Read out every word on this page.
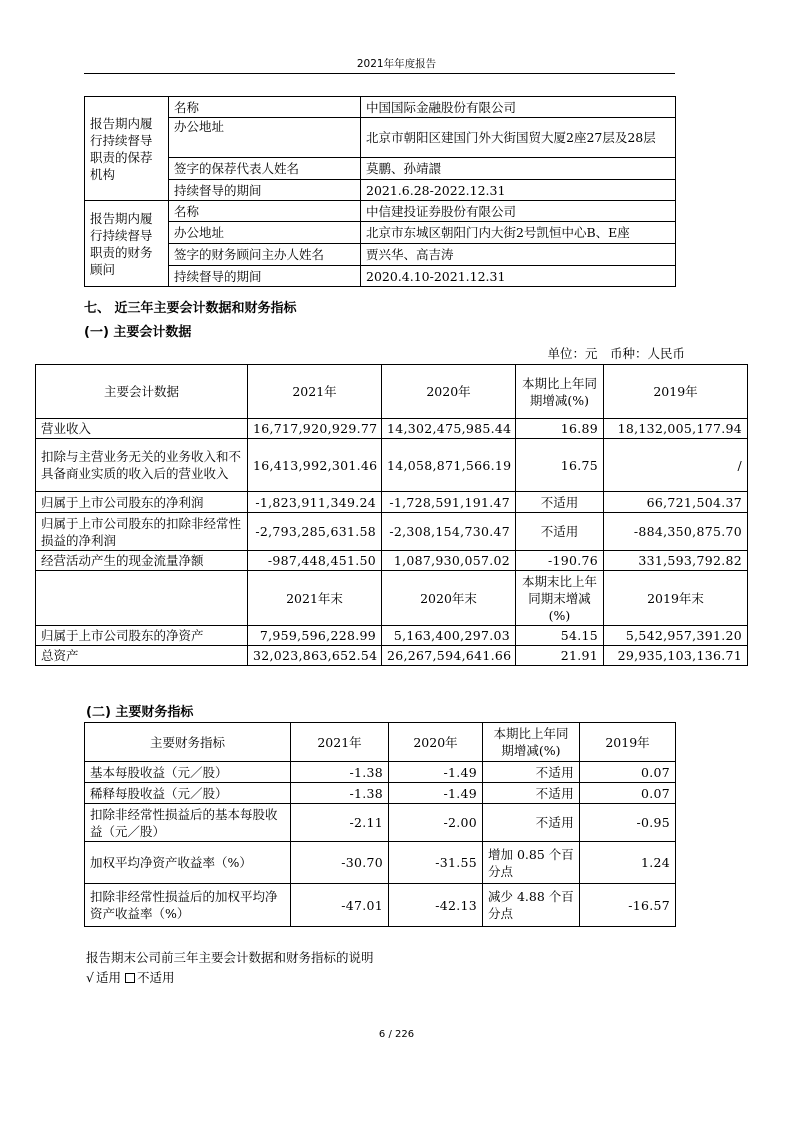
2021年年度报告
报告期内履行持续督导职责的保荐机构	名称	中国国际金融股份有限公司
	办公地址	北京市朝阳区建国门外大街国贸大厦2座27层及28层

	签字的保荐代表人姓名	莫鹏、孙靖譞
	持续督导的期间	2021.6.28-2022.12.31
报告期内履行持续督导职责的财务顾问	名称	中信建投证券股份有限公司
	办公地址	北京市东城区朝阳门内大街2号凯恒中心B、E座
	签字的财务顾问主办人姓名	贾兴华、高吉涛
	持续督导的期间	2020.4.10-2021.12.31
七、 近三年主要会计数据和财务指标
(一) 主要会计数据
单位：元　币种：人民币
主要会计数据	2021年	2020年	本期比上年同期增减(%)	2019年
营业收入	16,717,920,929.77	14,302,475,985.44	16.89	18,132,005,177.94
扣除与主营业务无关的业务收入和不具备商业实质的收入后的营业收入	16,413,992,301.46	14,058,871,566.19	16.75	/
归属于上市公司股东的净利润	-1,823,911,349.24	-1,728,591,191.47	不适用	66,721,504.37
归属于上市公司股东的扣除非经常性损益的净利润	-2,793,285,631.58	-2,308,154,730.47	不适用	-884,350,875.70
经营活动产生的现金流量净额	-987,448,451.50	1,087,930,057.02	-190.76	331,593,792.82
	2021年末	2020年末	本期末比上年同期末增减(%)	2019年末
归属于上市公司股东的净资产	7,959,596,228.99	5,163,400,297.03	54.15	5,542,957,391.20
总资产	32,023,863,652.54	26,267,594,641.66	21.91	29,935,103,136.71
(二) 主要财务指标
主要财务指标	2021年	2020年	本期比上年同期增减(%)	2019年
基本每股收益（元／股）	-1.38	-1.49	不适用	0.07
稀释每股收益（元／股）	-1.38	-1.49	不适用	0.07
扣除非经常性损益后的基本每股收益（元／股）	-2.11	-2.00	不适用	-0.95
加权平均净资产收益率（%）	-30.70	-31.55	增加 0.85 个百分点	1.24
扣除非经常性损益后的加权平均净资产收益率（%）	-47.01	-42.13	减少 4.88 个百分点	-16.57
报告期末公司前三年主要会计数据和财务指标的说明
√ 适用 不适用
6 / 226
